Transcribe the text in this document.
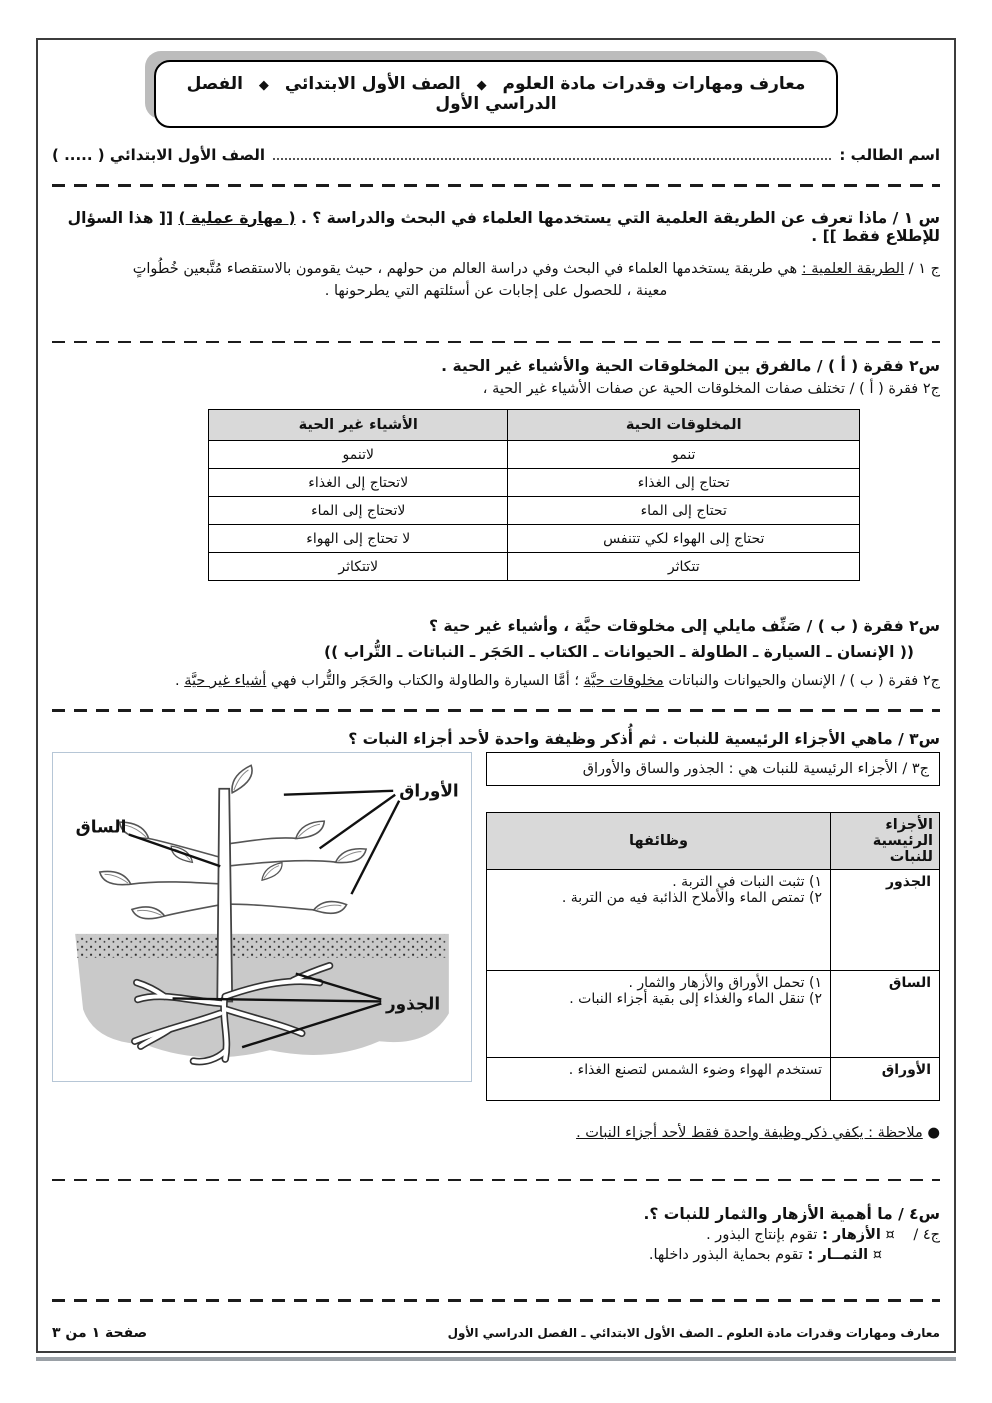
معارف ومهارات وقدرات مادة العلوم ◆ الصف الأول الابتدائي ◆ الفصل الدراسي الأول
اسم الطالب :
الصف الأول الابتدائي ( ..... )
س ١ / ماذا تعرف عن الطريقة العلمية التي يستخدمها العلماء في البحث والدراسة ؟ . ( مهارة عملية ) [[ هذا السؤال للإطلاع فقط ]] .
ج ١ / الطريقة العلمية : هي طريقة يستخدمها العلماء في البحث وفي دراسة العالم من حولهم ، حيث يقومون بالاستقصاء مُتَّبعين خُطُواتٍ
معينة ، للحصول على إجابات عن أسئلتهم التي يطرحونها .
س٢ فقرة ( أ ) / مالفرق بين المخلوقات الحية والأشياء غير الحية .
ج٢ فقرة ( أ ) / تختلف صفات المخلوقات الحية عن صفات الأشياء غير الحية ،
المخلوقات الحية	الأشياء غير الحية
تنمو	لاتنمو
تحتاج إلى الغذاء	لاتحتاج إلى الغذاء
تحتاج إلى الماء	لاتحتاج إلى الماء
تحتاج إلى الهواء لكي تتنفس	لا تحتاج إلى الهواء
تتكاثر	لاتتكاثر
س٢ فقرة ( ب ) / صَنِّف مايلي إلى مخلوقات حيَّة ، وأشياء غير حية ؟
(( الإنسان ـ السيارة ـ الطاولة ـ الحيوانات ـ الكتاب ـ الحَجَر ـ النباتات ـ التُّراب ))
ج٢ فقرة ( ب ) / الإنسان والحيوانات والنباتات مخلوقات حيَّة ؛ أمَّا السيارة والطاولة والكتاب والحَجَر والتُّراب فهي أشياء غير حيَّة .
س٣ / ماهي الأجزاء الرئيسية للنبات . ثم أُذكر وظيفة واحدة لأحد أجزاء النبات ؟
ج٣ / الأجزاء الرئيسية للنبات هي : الجذور والساق والأوراق
الأجزاء الرئيسية للنبات	وظائفها
الجذور	١) تثبت النبات في التربة .
٢) تمتص الماء والأملاح الذائبة فيه من التربة .

الساق	١) تحمل الأوراق والأزهار والثمار .
٢) تنقل الماء والغذاء إلى بقية أجزاء النبات .

الأوراق	تستخدم الهواء وضوء الشمس لتصنع الغذاء .
● ملاحظة : يكفي ذكر وظيفة واحدة فقط لأحد أجزاء النبات .
الأوراق
الساق
الجذور
س٤ / ما أهمية الأزهار والثمار للنبات ؟.
ج٤ / ¤ الأزهار : تقوم بإنتاج البذور .
¤ الثمــار : تقوم بحماية البذور داخلها.
معارف ومهارات وقدرات مادة العلوم ـ الصف الأول الابتدائي ـ الفصل الدراسي الأول
صفحة ١ من ٣
